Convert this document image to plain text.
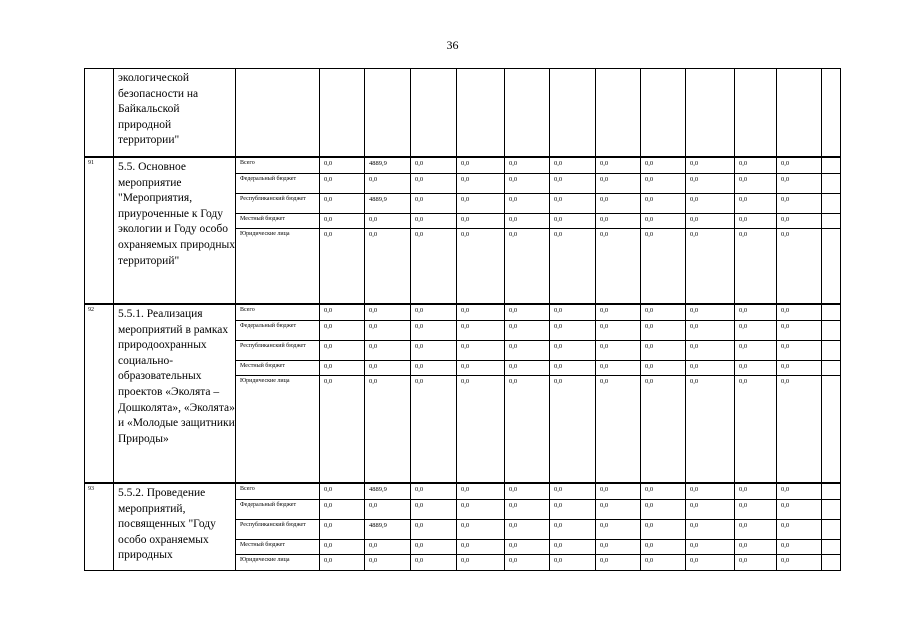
36
	экологической безопасности на Байкальской природной территории"														
91	5.5. Основное мероприятие "Мероприятия, приуроченные к Году экологии и Году особо охраняемых природных территорий"	Всего	0,0	4889,9	0,0	0,0	0,0	0,0	0,0	0,0	0,0	0,0	0,0	
		Федеральный бюджет	0,0	0,0	0,0	0,0	0,0	0,0	0,0	0,0	0,0	0,0	0,0	
		Республиканский бюджет	0,0	4889,9	0,0	0,0	0,0	0,0	0,0	0,0	0,0	0,0	0,0	
		Местный бюджет	0,0	0,0	0,0	0,0	0,0	0,0	0,0	0,0	0,0	0,0	0,0	
		Юридические лица	0,0	0,0	0,0	0,0	0,0	0,0	0,0	0,0	0,0	0,0	0,0	
92	5.5.1. Реализация мероприятий в рамках природоохранных социально-образовательных проектов «Эколята – Дошколята», «Эколята» и «Молодые защитники Природы»	Всего	0,0	0,0	0,0	0,0	0,0	0,0	0,0	0,0	0,0	0,0	0,0	
		Федеральный бюджет	0,0	0,0	0,0	0,0	0,0	0,0	0,0	0,0	0,0	0,0	0,0	
		Республиканский бюджет	0,0	0,0	0,0	0,0	0,0	0,0	0,0	0,0	0,0	0,0	0,0	
		Местный бюджет	0,0	0,0	0,0	0,0	0,0	0,0	0,0	0,0	0,0	0,0	0,0	
		Юридические лица	0,0	0,0	0,0	0,0	0,0	0,0	0,0	0,0	0,0	0,0	0,0	
93	5.5.2. Проведение мероприятий, посвященных "Году особо охраняемых природных	Всего	0,0	4889,9	0,0	0,0	0,0	0,0	0,0	0,0	0,0	0,0	0,0	
		Федеральный бюджет	0,0	0,0	0,0	0,0	0,0	0,0	0,0	0,0	0,0	0,0	0,0	
		Республиканский бюджет	0,0	4889,9	0,0	0,0	0,0	0,0	0,0	0,0	0,0	0,0	0,0	
		Местный бюджет	0,0	0,0	0,0	0,0	0,0	0,0	0,0	0,0	0,0	0,0	0,0	
		Юридические лица	0,0	0,0	0,0	0,0	0,0	0,0	0,0	0,0	0,0	0,0	0,0	
